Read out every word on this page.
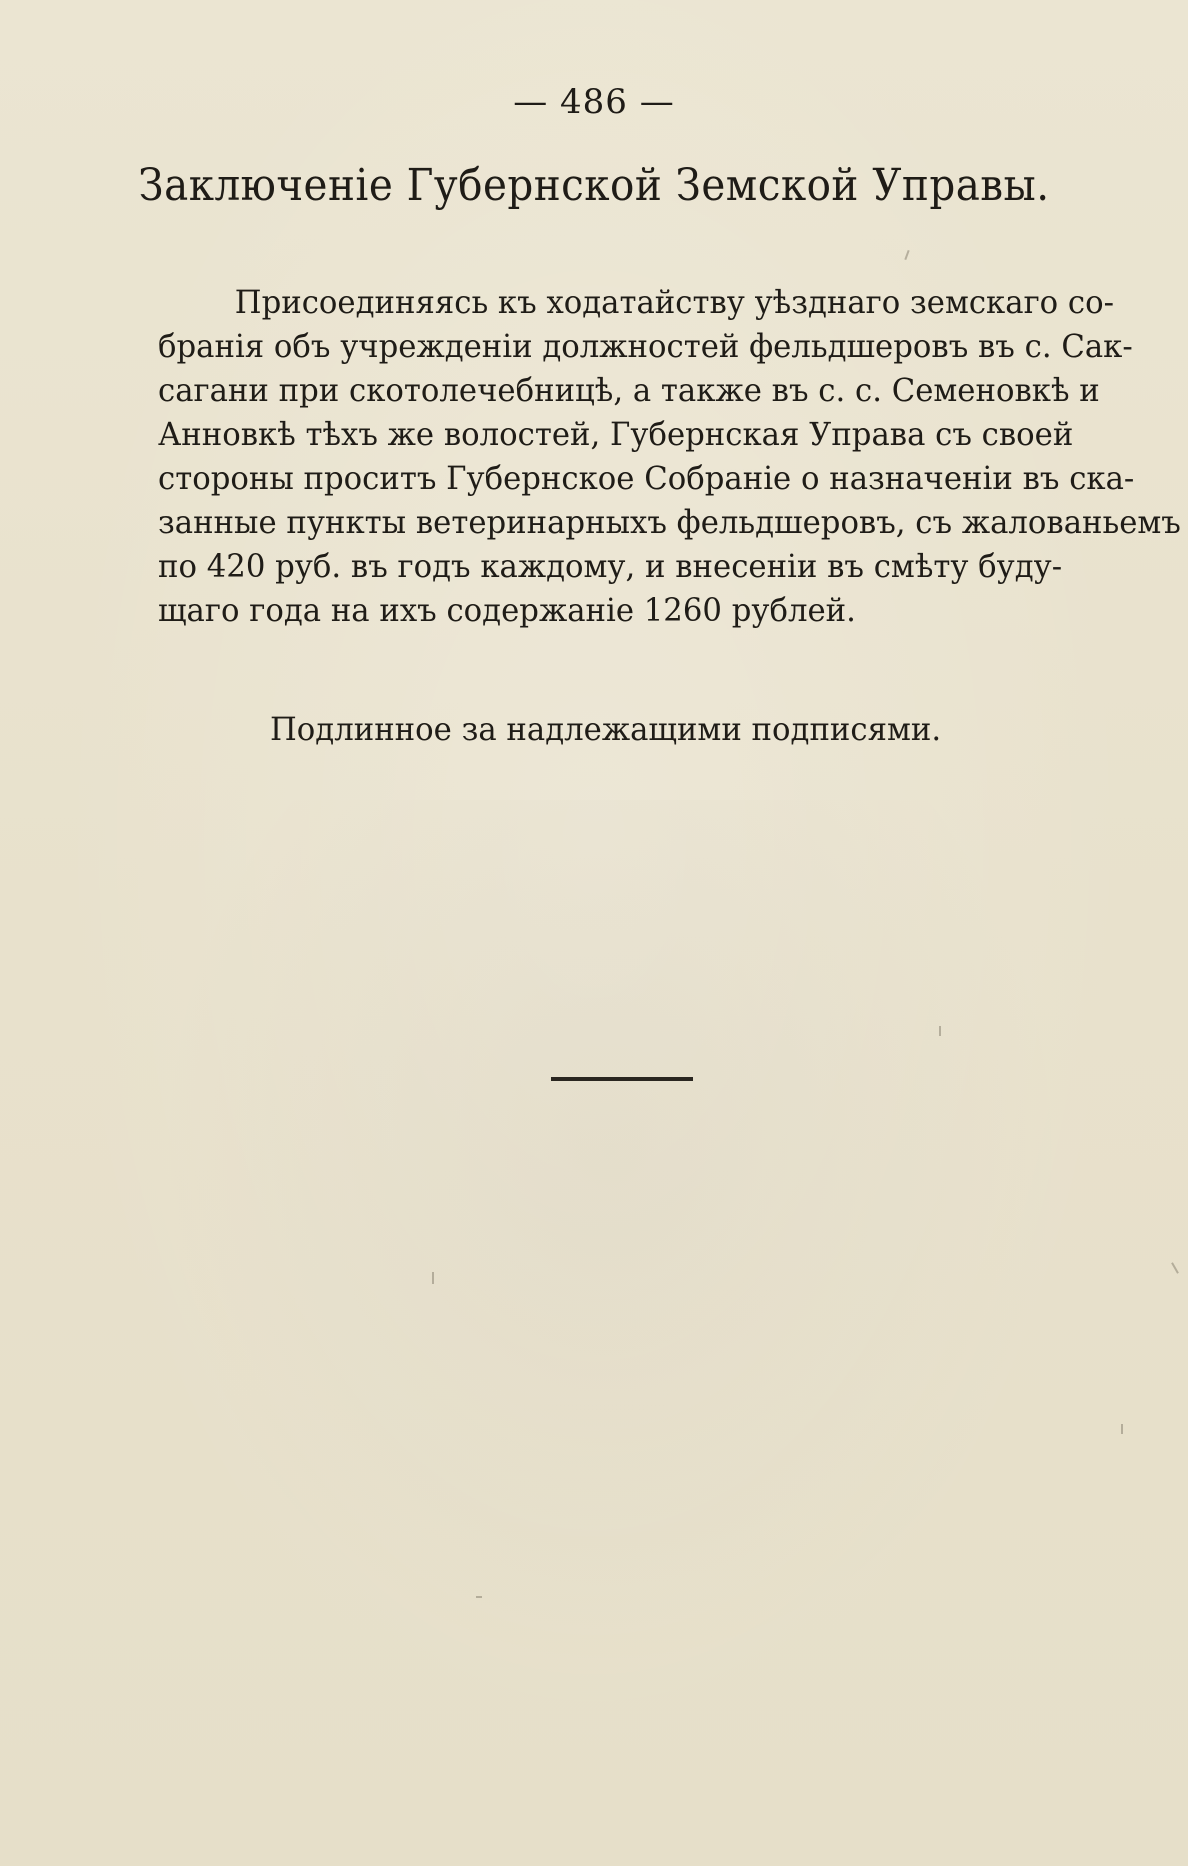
— 486 —
Заключеніе Губернской Земской Управы.
Присоединяясь къ ходатайству уѣзднаго земскаго со-
бранія объ учрежденіи должностей фельдшеровъ въ с. Сак-
сагани при скотолечебницѣ, а также въ с. с. Семеновкѣ и
Анновкѣ тѣхъ же волостей, Губернская Управа съ своей
стороны проситъ Губернское Собраніе о назначеніи въ ска-
занные пункты ветеринарныхъ фельдшеровъ, съ жалованьемъ
по 420 руб. въ годъ каждому, и внесеніи въ смѣту буду-
щаго года на ихъ содержаніе 1260 рублей.
Подлинное за надлежащими подписями.
